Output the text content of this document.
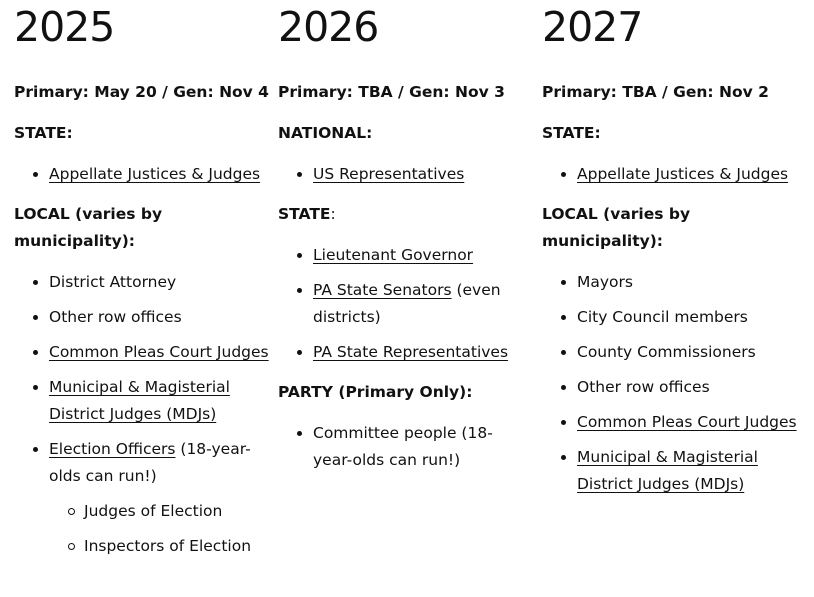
2025

Primary: May 20 / Gen: Nov 4

STATE:

Appellate Justices & Judges

LOCAL (varies by municipality):

District Attorney
Other row offices
Common Pleas Court Judges
Municipal & Magisterial District Judges (MDJs)
Election Officers (18-year-olds can run!)
Judges of Election
Inspectors of Election
2026

Primary: TBA / Gen: Nov 3

NATIONAL:

US Representatives

STATE:

Lieutenant Governor
PA State Senators (even districts)
PA State Representatives

PARTY (Primary Only):

Committee people (18-year-olds can run!)
2027

Primary: TBA / Gen: Nov 2

STATE:

Appellate Justices & Judges

LOCAL (varies by municipality):

Mayors
City Council members
County Commissioners
Other row offices
Common Pleas Court Judges
Municipal & Magisterial District Judges (MDJs)
